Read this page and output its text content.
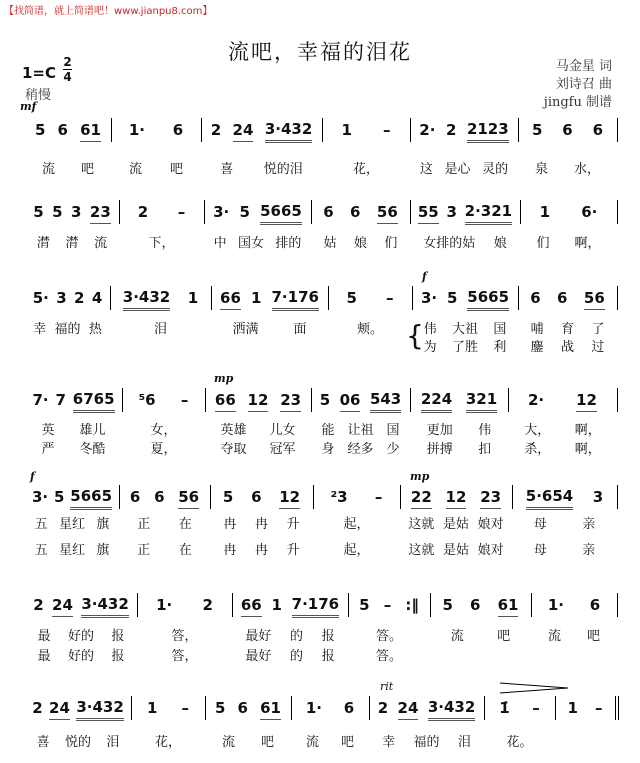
【找简谱，就上简谱吧！www.jianpu8.com】
流吧，幸福的泪花
马金星 词
刘诗召 曲
jingfu 制谱
1=C
2
4
稍慢
mf
f
mp
f	mp
rit
{
5 6 61 1· 6 2 24 3·432 1 – 2· 2 2123 5 6 6
流 吧	流 吧	喜 悦的泪	花，	这 是心 灵的 泉 水，
5 5 3 23 2 – 3· 5 5665 6 6 56 55 3 2·321 1 6·
潸 潸 流	下，	中 国女 排的 姑 娘 们 女排的姑 娘 们 啊，
5· 3 2 4 3·432 1 66 1 7·176 5 – 3· 5 5665 6 6 56
幸 福的 热	泪	洒满	面	颊。	伟 大祖 国 哺 育 了
为 了胜 利 鏖 战 过
7· 7 6765 ⁵6 – 66 12 23 5 06 543 224 321 2· 12
英 雄儿	女，	英雄 儿女 能 让祖 国 更加 伟	大， 啊，
严 冬酷	夏，	夺取 冠军 身 经多 少 拼搏 扣	杀， 啊，
3· 5 5665 6 6 56 5 6 12 ²3 – 22 12 23 5·654 3
五 星红 旗 正 在 冉 冉 升	起，	这就 是姑 娘对 母	亲
五 星红 旗 正 在 冉 冉 升	起，	这就 是姑 娘对 母	亲
2 24 3·432 1· 2 66 1 7·176 5 – :‖ 5 6 61 1· 6
最 好的 报	答，	最好 的 报	答。	流	吧	流 吧
最 好的 报	答，	最好 的 报	答。
2 24 3·432 1 – 5 6 61 1· 6 2 24 3·432 1̇ – 1 –
喜 悦的 泪	花，	流 吧 流 吧 幸 福的 泪	花。
